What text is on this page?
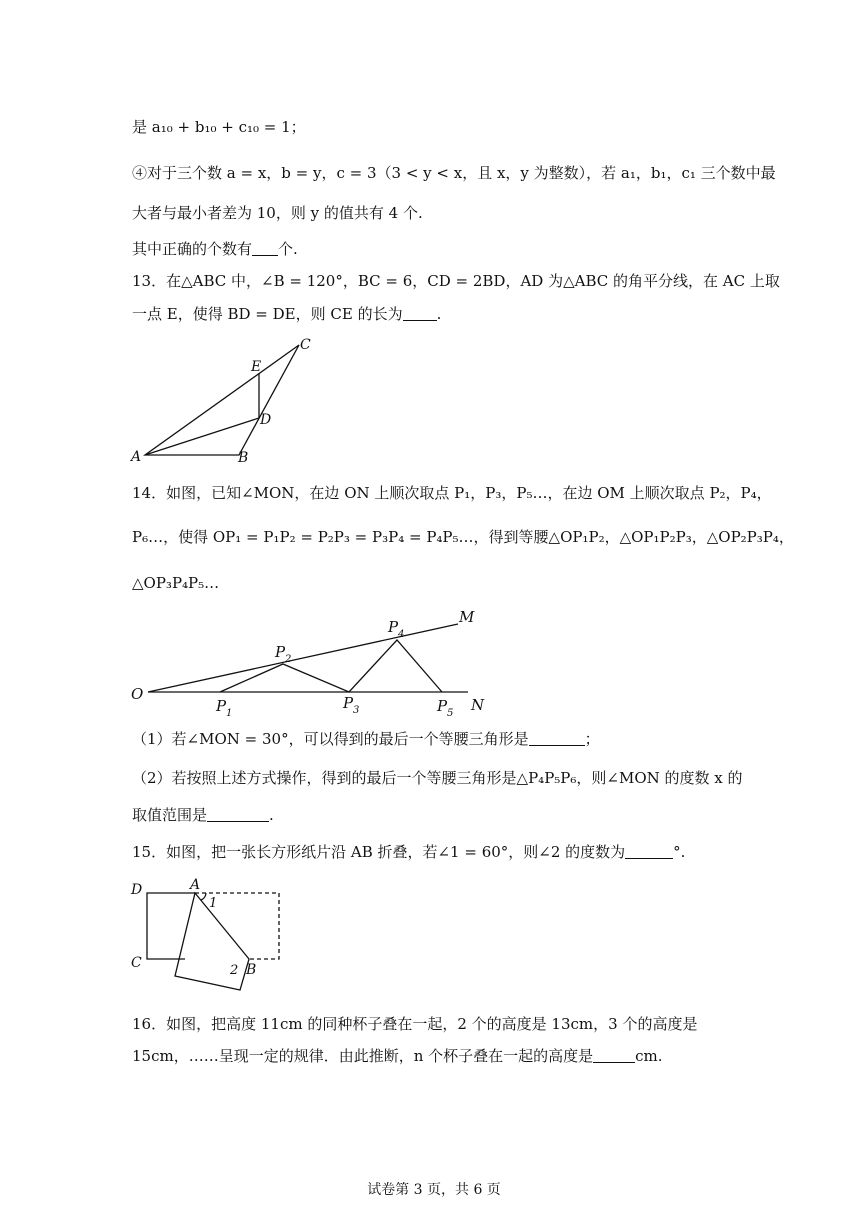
是 a₁₀ + b₁₀ + c₁₀ = 1；
④对于三个数 a = x，b = y，c = 3（3 < y < x，且 x，y 为整数），若 a₁，b₁，c₁ 三个数中最
大者与最小者差为 10，则 y 的值共有 4 个.
其中正确的个数有 个.
13．在△ABC 中，∠B = 120°，BC = 6，CD = 2BD，AD 为△ABC 的角平分线，在 AC 上取
一点 E，使得 BD = DE，则 CE 的长为 .
A	B
C
D
E
14．如图，已知∠MON，在边 ON 上顺次取点 P₁，P₃，P₅…，在边 OM 上顺次取点 P₂，P₄，
P₆…，使得 OP₁ = P₁P₂ = P₂P₃ = P₃P₄ = P₄P₅…，得到等腰△OP₁P₂，△OP₁P₂P₃，△OP₂P₃P₄，
△OP₃P₄P₅…
O
M
N
P 1
P 2
P 3
P 4
P 5
（1）若∠MON = 30°，可以得到的最后一个等腰三角形是	；
（2）若按照上述方式操作，得到的最后一个等腰三角形是△P₄P₅P₆，则∠MON 的度数 x 的
取值范围是	.
15．如图，把一张长方形纸片沿 AB 折叠，若∠1 = 60°，则∠2 的度数为	°.
A
B
C
D
1
2
16．如图，把高度 11cm 的同种杯子叠在一起，2 个的高度是 13cm，3 个的高度是
15cm，……呈现一定的规律．由此推断，n 个杯子叠在一起的高度是	cm.
试卷第 3 页，共 6 页
